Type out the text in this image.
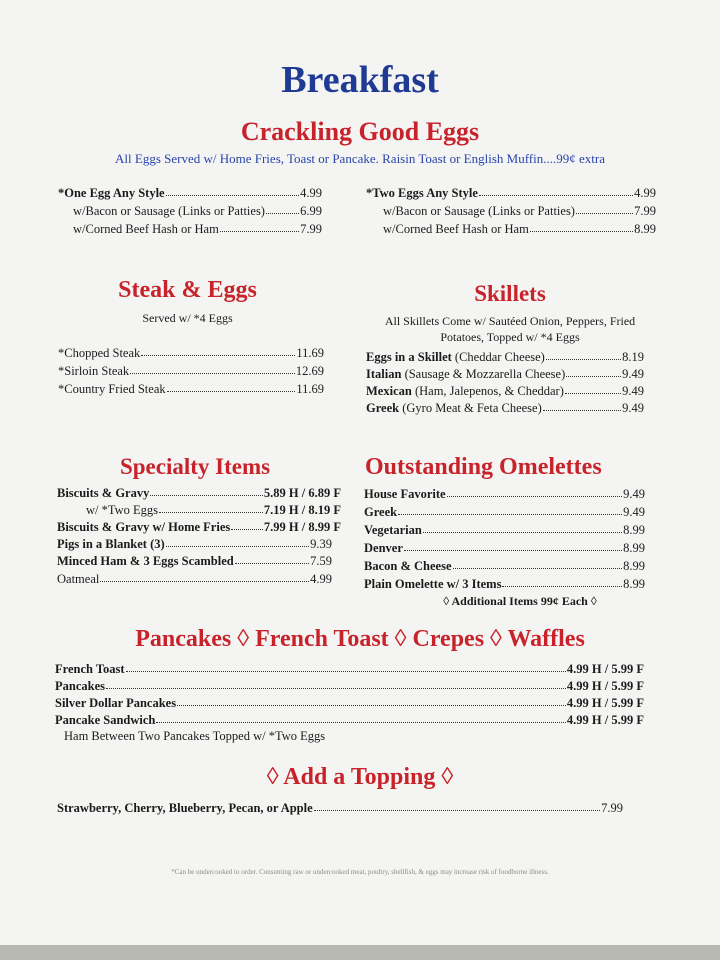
Breakfast
Crackling Good Eggs
All Eggs Served w/ Home Fries, Toast or Pancake. Raisin Toast or English Muffin....99¢ extra
*One Egg Any Style	4.99
w/Bacon or Sausage (Links or Patties)	6.99
w/Corned Beef Hash or Ham	7.99
*Two Eggs Any Style	4.99
w/Bacon or Sausage (Links or Patties)	7.99
w/Corned Beef Hash or Ham	8.99
Steak & Eggs
Served w/ *4 Eggs
*Chopped Steak	11.69
*Sirloin Steak	12.69
*Country Fried Steak	11.69
Skillets
All Skillets Come w/ Sautéed Onion, Peppers, Fried
Potatoes, Topped w/ *4 Eggs
Eggs in a Skillet (Cheddar Cheese)	8.19
Italian (Sausage & Mozzarella Cheese)	9.49
Mexican (Ham, Jalepenos, & Cheddar)	9.49
Greek (Gyro Meat & Feta Cheese)	9.49
Specialty Items
Biscuits & Gravy	5.89 H / 6.89 F
w/ *Two Eggs	7.19 H / 8.19 F
Biscuits & Gravy w/ Home Fries	7.99 H / 8.99 F
Pigs in a Blanket (3)	9.39
Minced Ham & 3 Eggs Scambled	7.59
Oatmeal	4.99
Outstanding Omelettes
House Favorite	9.49
Greek	9.49
Vegetarian	8.99
Denver	8.99
Bacon & Cheese	8.99
Plain Omelette w/ 3 Items	8.99
◊ Additional Items 99¢ Each ◊
Pancakes ◊ French Toast ◊ Crepes ◊ Waffles
French Toast	4.99 H / 5.99 F
Pancakes	4.99 H / 5.99 F
Silver Dollar Pancakes	4.99 H / 5.99 F
Pancake Sandwich	4.99 H / 5.99 F
Ham Between Two Pancakes Topped w/ *Two Eggs
◊ Add a Topping ◊
Strawberry, Cherry, Blueberry, Pecan, or Apple	7.99
*Can be undercooked to order. Consuming raw or undercooked meat, poultry, shellfish, & eggs may increase risk of foodborne illness.
